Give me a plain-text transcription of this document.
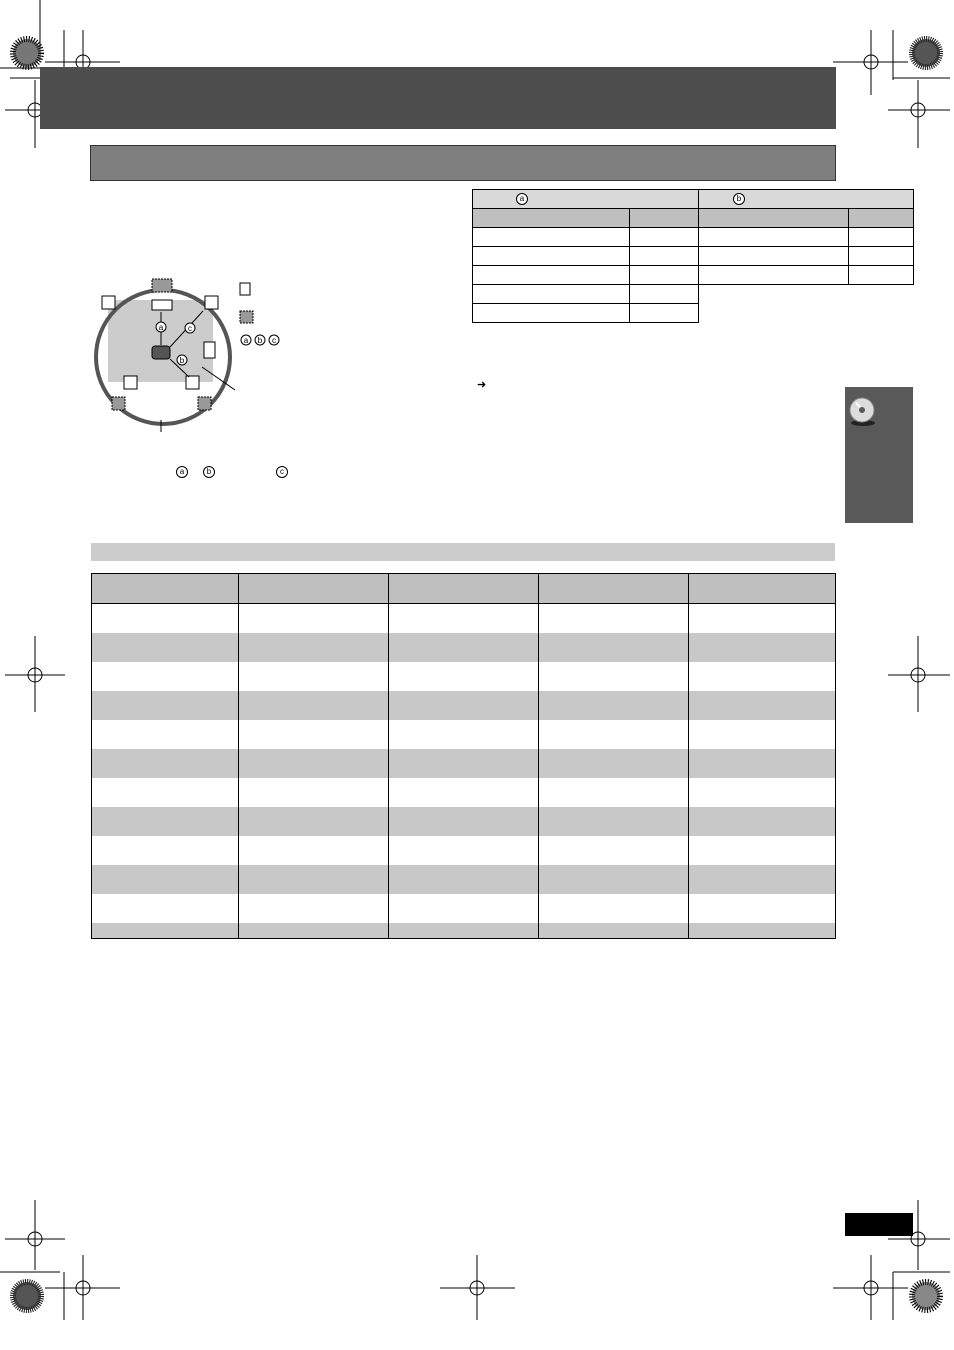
a
b
c
a b c
a	b	c
a		b	

➜
